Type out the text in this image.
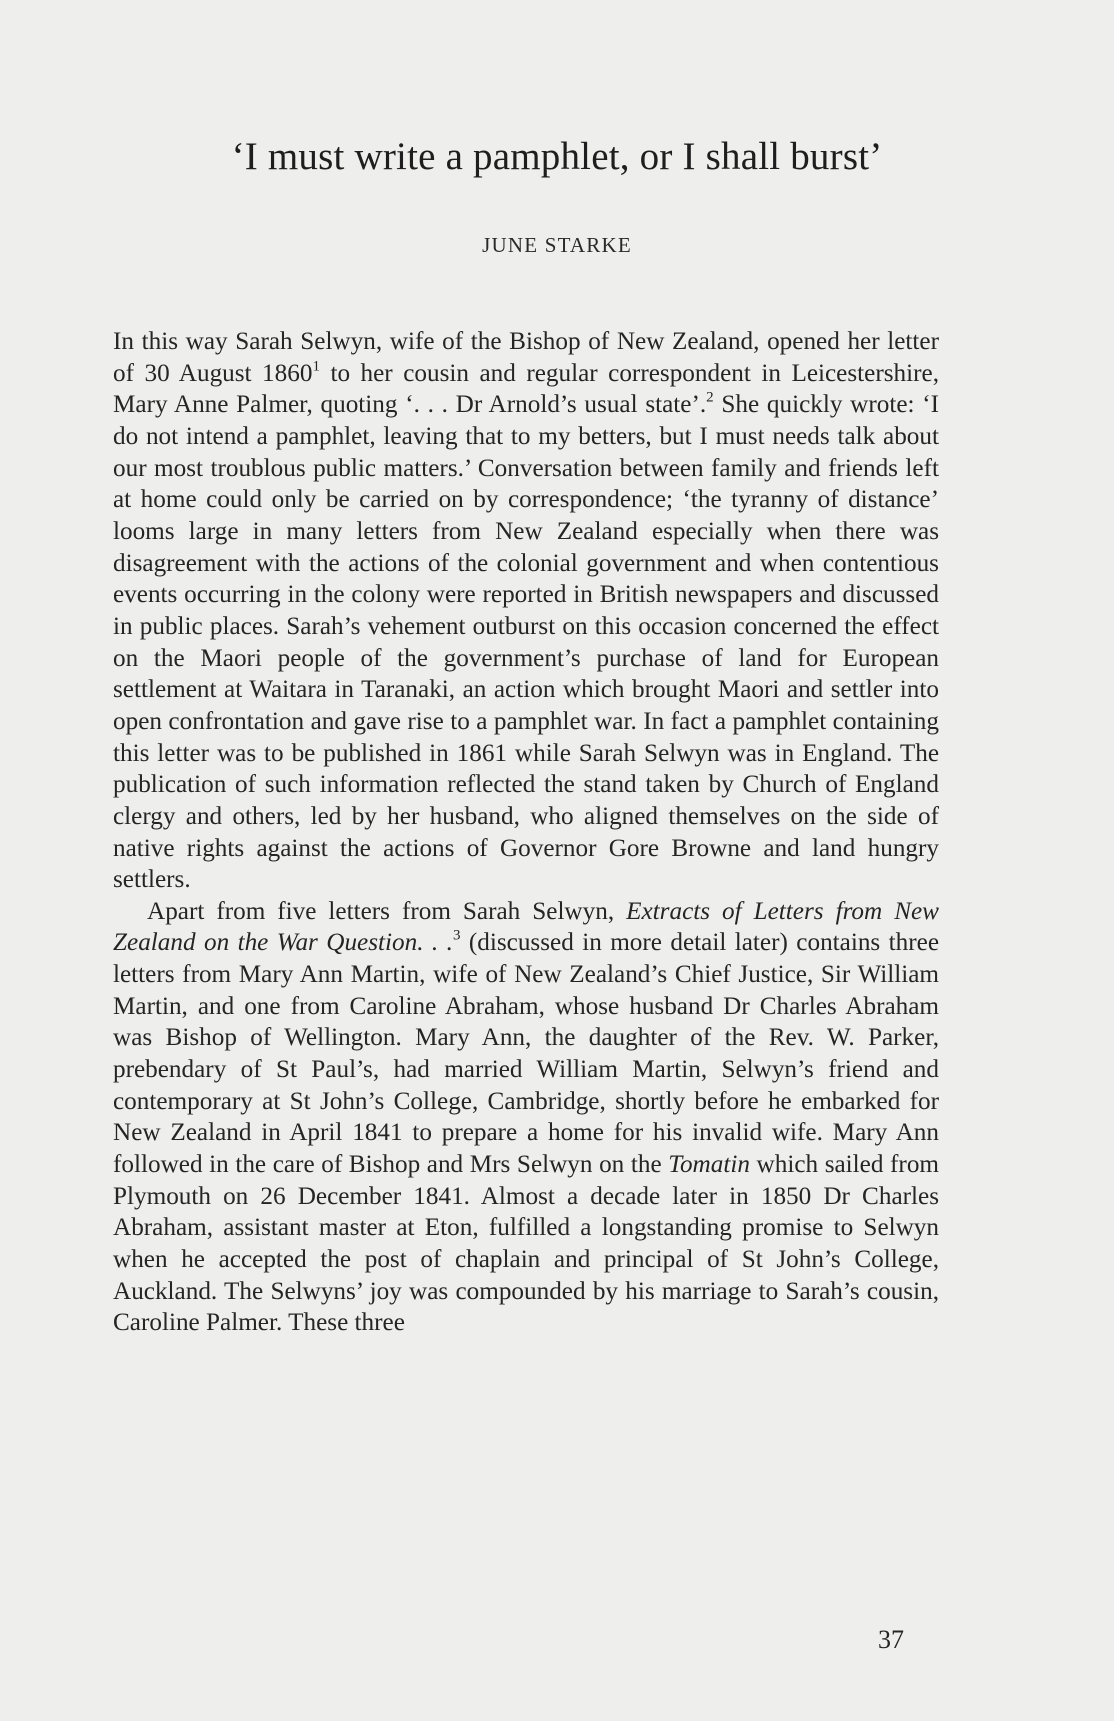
‘I must write a pamphlet, or I shall burst’
JUNE STARKE

In this way Sarah Selwyn, wife of the Bishop of New Zealand, opened her letter of 30 August 1860$^1$ to her cousin and regular correspondent in Leicestershire, Mary Anne Palmer, quoting ‘. . . Dr Arnold’s usual state’.$^2$ She quickly wrote: ‘I do not intend a pamphlet, leaving that to my betters, but I must needs talk about our most troublous public matters.’ Conversation between family and friends left at home could only be carried on by correspondence; ‘the tyranny of distance’ looms large in many letters from New Zealand especially when there was disagreement with the actions of the colonial government and when contentious events occurring in the colony were reported in British newspapers and discussed in public places. Sarah’s vehement outburst on this occasion concerned the effect on the Maori people of the government’s purchase of land for European settlement at Waitara in Taranaki, an action which brought Maori and settler into open confrontation and gave rise to a pamphlet war. In fact a pamphlet containing this letter was to be published in 1861 while Sarah Selwyn was in England. The publication of such information reflected the stand taken by Church of England clergy and others, led by her husband, who aligned themselves on the side of native rights against the actions of Governor Gore Browne and land hungry settlers.

Apart from five letters from Sarah Selwyn, Extracts of Letters from New Zealand on the War Question. . .$^3$ (discussed in more detail later) contains three letters from Mary Ann Martin, wife of New Zealand’s Chief Justice, Sir William Martin, and one from Caroline Abraham, whose husband Dr Charles Abraham was Bishop of Wellington. Mary Ann, the daughter of the Rev. W. Parker, prebendary of St Paul’s, had married William Martin, Selwyn’s friend and contemporary at St John’s College, Cambridge, shortly before he embarked for New Zealand in April 1841 to prepare a home for his invalid wife. Mary Ann followed in the care of Bishop and Mrs Selwyn on the Tomatin which sailed from Plymouth on 26 December 1841. Almost a decade later in 1850 Dr Charles Abraham, assistant master at Eton, fulfilled a longstanding promise to Selwyn when he accepted the post of chaplain and principal of St John’s College, Auckland. The Selwyns’ joy was compounded by his marriage to Sarah’s cousin, Caroline Palmer. These three

37
